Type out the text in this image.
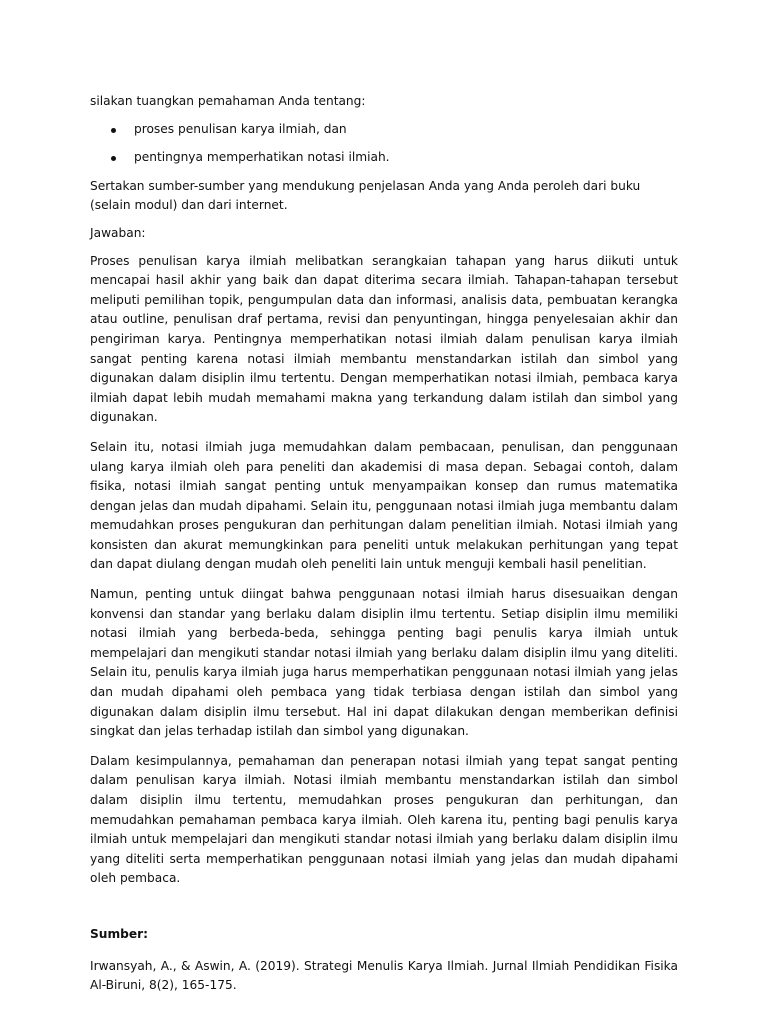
silakan tuangkan pemahaman Anda tentang:

proses penulisan karya ilmiah, dan
pentingnya memperhatikan notasi ilmiah.

Sertakan sumber-sumber yang mendukung penjelasan Anda yang Anda peroleh dari buku (selain modul) dan dari internet.

Jawaban:

Proses penulisan karya ilmiah melibatkan serangkaian tahapan yang harus diikuti untuk mencapai hasil akhir yang baik dan dapat diterima secara ilmiah. Tahapan-tahapan tersebut meliputi pemilihan topik, pengumpulan data dan informasi, analisis data, pembuatan kerangka atau outline, penulisan draf pertama, revisi dan penyuntingan, hingga penyelesaian akhir dan pengiriman karya. Pentingnya memperhatikan notasi ilmiah dalam penulisan karya ilmiah sangat penting karena notasi ilmiah membantu menstandarkan istilah dan simbol yang digunakan dalam disiplin ilmu tertentu. Dengan memperhatikan notasi ilmiah, pembaca karya ilmiah dapat lebih mudah memahami makna yang terkandung dalam istilah dan simbol yang digunakan.

Selain itu, notasi ilmiah juga memudahkan dalam pembacaan, penulisan, dan penggunaan ulang karya ilmiah oleh para peneliti dan akademisi di masa depan. Sebagai contoh, dalam fisika, notasi ilmiah sangat penting untuk menyampaikan konsep dan rumus matematika dengan jelas dan mudah dipahami. Selain itu, penggunaan notasi ilmiah juga membantu dalam memudahkan proses pengukuran dan perhitungan dalam penelitian ilmiah. Notasi ilmiah yang konsisten dan akurat memungkinkan para peneliti untuk melakukan perhitungan yang tepat dan dapat diulang dengan mudah oleh peneliti lain untuk menguji kembali hasil penelitian.

Namun, penting untuk diingat bahwa penggunaan notasi ilmiah harus disesuaikan dengan konvensi dan standar yang berlaku dalam disiplin ilmu tertentu. Setiap disiplin ilmu memiliki notasi ilmiah yang berbeda-beda, sehingga penting bagi penulis karya ilmiah untuk mempelajari dan mengikuti standar notasi ilmiah yang berlaku dalam disiplin ilmu yang diteliti. Selain itu, penulis karya ilmiah juga harus memperhatikan penggunaan notasi ilmiah yang jelas dan mudah dipahami oleh pembaca yang tidak terbiasa dengan istilah dan simbol yang digunakan dalam disiplin ilmu tersebut. Hal ini dapat dilakukan dengan memberikan definisi singkat dan jelas terhadap istilah dan simbol yang digunakan.

Dalam kesimpulannya, pemahaman dan penerapan notasi ilmiah yang tepat sangat penting dalam penulisan karya ilmiah. Notasi ilmiah membantu menstandarkan istilah dan simbol dalam disiplin ilmu tertentu, memudahkan proses pengukuran dan perhitungan, dan memudahkan pemahaman pembaca karya ilmiah. Oleh karena itu, penting bagi penulis karya ilmiah untuk mempelajari dan mengikuti standar notasi ilmiah yang berlaku dalam disiplin ilmu yang diteliti serta memperhatikan penggunaan notasi ilmiah yang jelas dan mudah dipahami oleh pembaca.

Sumber:

Irwansyah, A., & Aswin, A. (2019). Strategi Menulis Karya Ilmiah. Jurnal Ilmiah Pendidikan Fisika Al-Biruni, 8(2), 165-175.
